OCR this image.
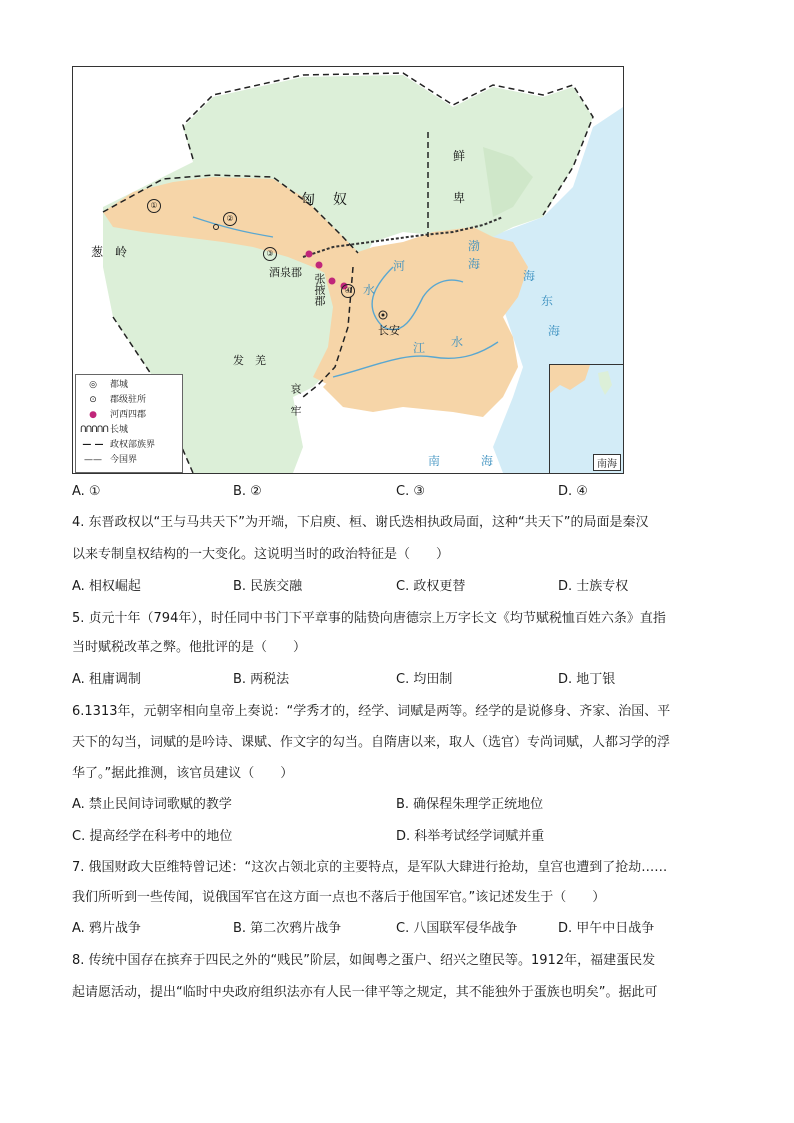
匈　奴
鲜
卑
葱　岭
酒泉郡
张掖郡
长安
发　羌
哀　牢
河
水
江 水
渤
海
海
东
海
南	海
①
②
③
④
◎ 都城
⊙ 郡级驻所
● 河西四郡
ՈՈՈՈՈ 长城
— — 政权部族界
—— 今国界	南海
A. ①	B. ②	C. ③	D. ④
4. 东晋政权以“王与马共天下”为开端，下启庾、桓、谢氏迭相执政局面，这种“共天下”的局面是秦汉
以来专制皇权结构的一大变化。这说明当时的政治特征是（　　）
A. 相权崛起	B. 民族交融	C. 政权更替	D. 士族专权
5. 贞元十年（794年），时任同中书门下平章事的陆贽向唐德宗上万字长文《均节赋税恤百姓六条》直指
当时赋税改革之弊。他批评的是（　　）
A. 租庸调制	B. 两税法	C. 均田制	D. 地丁银
6.1313年，元朝宰相向皇帝上奏说：“学秀才的，经学、词赋是两等。经学的是说修身、齐家、治国、平
天下的勾当，词赋的是吟诗、课赋、作文字的勾当。自隋唐以来，取人（选官）专尚词赋，人都习学的浮
华了。”据此推测，该官员建议（　　）
A. 禁止民间诗词歌赋的教学	B. 确保程朱理学正统地位
C. 提高经学在科考中的地位	D. 科举考试经学词赋并重
7. 俄国财政大臣维特曾记述：“这次占领北京的主要特点，是军队大肆进行抢劫，皇宫也遭到了抢劫……
我们所听到一些传闻，说俄国军官在这方面一点也不落后于他国军官。”该记述发生于（　　）
A. 鸦片战争	B. 第二次鸦片战争	C. 八国联军侵华战争	D. 甲午中日战争
8. 传统中国存在摈弃于四民之外的“贱民”阶层，如闽粤之蛋户、绍兴之堕民等。1912年，福建蛋民发
起请愿活动，提出“临时中央政府组织法亦有人民一律平等之规定，其不能独外于蛋族也明矣”。据此可
